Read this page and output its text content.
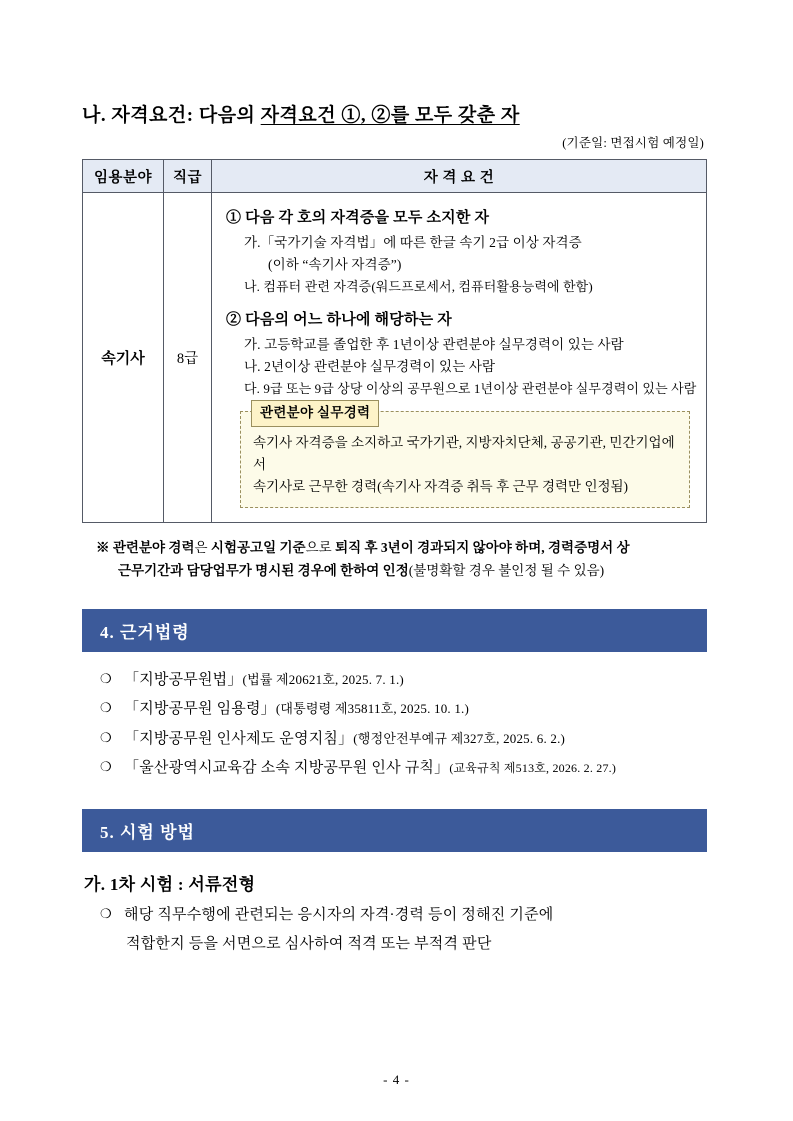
나. 자격요건: 다음의 자격요건 ①, ②를 모두 갖춘 자
(기준일: 면접시험 예정일)
임용분야	직급	자 격 요 건
속기사	8급	
① 다음 각 호의 자격증을 모두 소지한 자
가.「국가기술 자격법」에 따른 한글 속기 2급 이상 자격증
(이하 “속기사 자격증”)
나. 컴퓨터 관련 자격증(워드프로세서, 컴퓨터활용능력에 한함)
② 다음의 어느 하나에 해당하는 자
가. 고등학교를 졸업한 후 1년이상 관련분야 실무경력이 있는 사람
나. 2년이상 관련분야 실무경력이 있는 사람
다. 9급 또는 9급 상당 이상의 공무원으로 1년이상 관련분야 실무경력이 있는 사람
관련분야 실무경력
속기사 자격증을 소지하고 국가기관, 지방자치단체, 공공기관, 민간기업에서
속기사로 근무한 경력(속기사 자격증 취득 후 근무 경력만 인정됨)
※ 관련분야 경력은 시험공고일 기준으로 퇴직 후 3년이 경과되지 않아야 하며, 경력증명서 상
근무기간과 담당업무가 명시된 경우에 한하여 인정(불명확할 경우 불인정 될 수 있음)
4. 근거법령
❍ 「지방공무원법」(법률 제20621호, 2025. 7. 1.)
❍ 「지방공무원 임용령」(대통령령 제35811호, 2025. 10. 1.)
❍ 「지방공무원 인사제도 운영지침」(행정안전부예규 제327호, 2025. 6. 2.)
❍ 「울산광역시교육감 소속 지방공무원 인사 규칙」(교육규칙 제513호, 2026. 2. 27.)
5. 시험 방법
가. 1차 시험 : 서류전형
❍ 해당 직무수행에 관련되는 응시자의 자격·경력 등이 정해진 기준에
적합한지 등을 서면으로 심사하여 적격 또는 부적격 판단
- 4 -
